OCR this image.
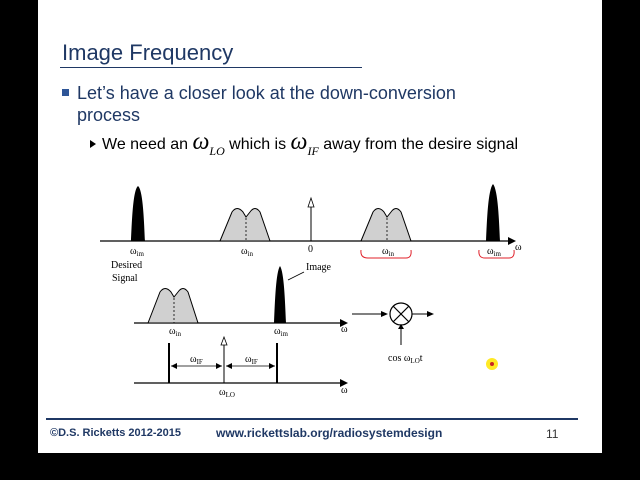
Image Frequency
Let’s have a closer look at the down-conversion
process
We need an $\omega_{LO}$ which is $\omega_{IF}$ away from the desire signal
$\omega_{im}$	$\omega_{in}$	0	$\omega_{in}$	$\omega_{im}$
ω
Desired
Signal
Image
$\omega_{in}$	$\omega_{im}$	ω
$\cos \omega_{LO}t$
$\omega_{IF}$	$\omega_{IF}$
$\omega_{LO}$	ω
©D.S. Ricketts 2012-2015	www.rickettslab.org/radiosystemdesign	11
